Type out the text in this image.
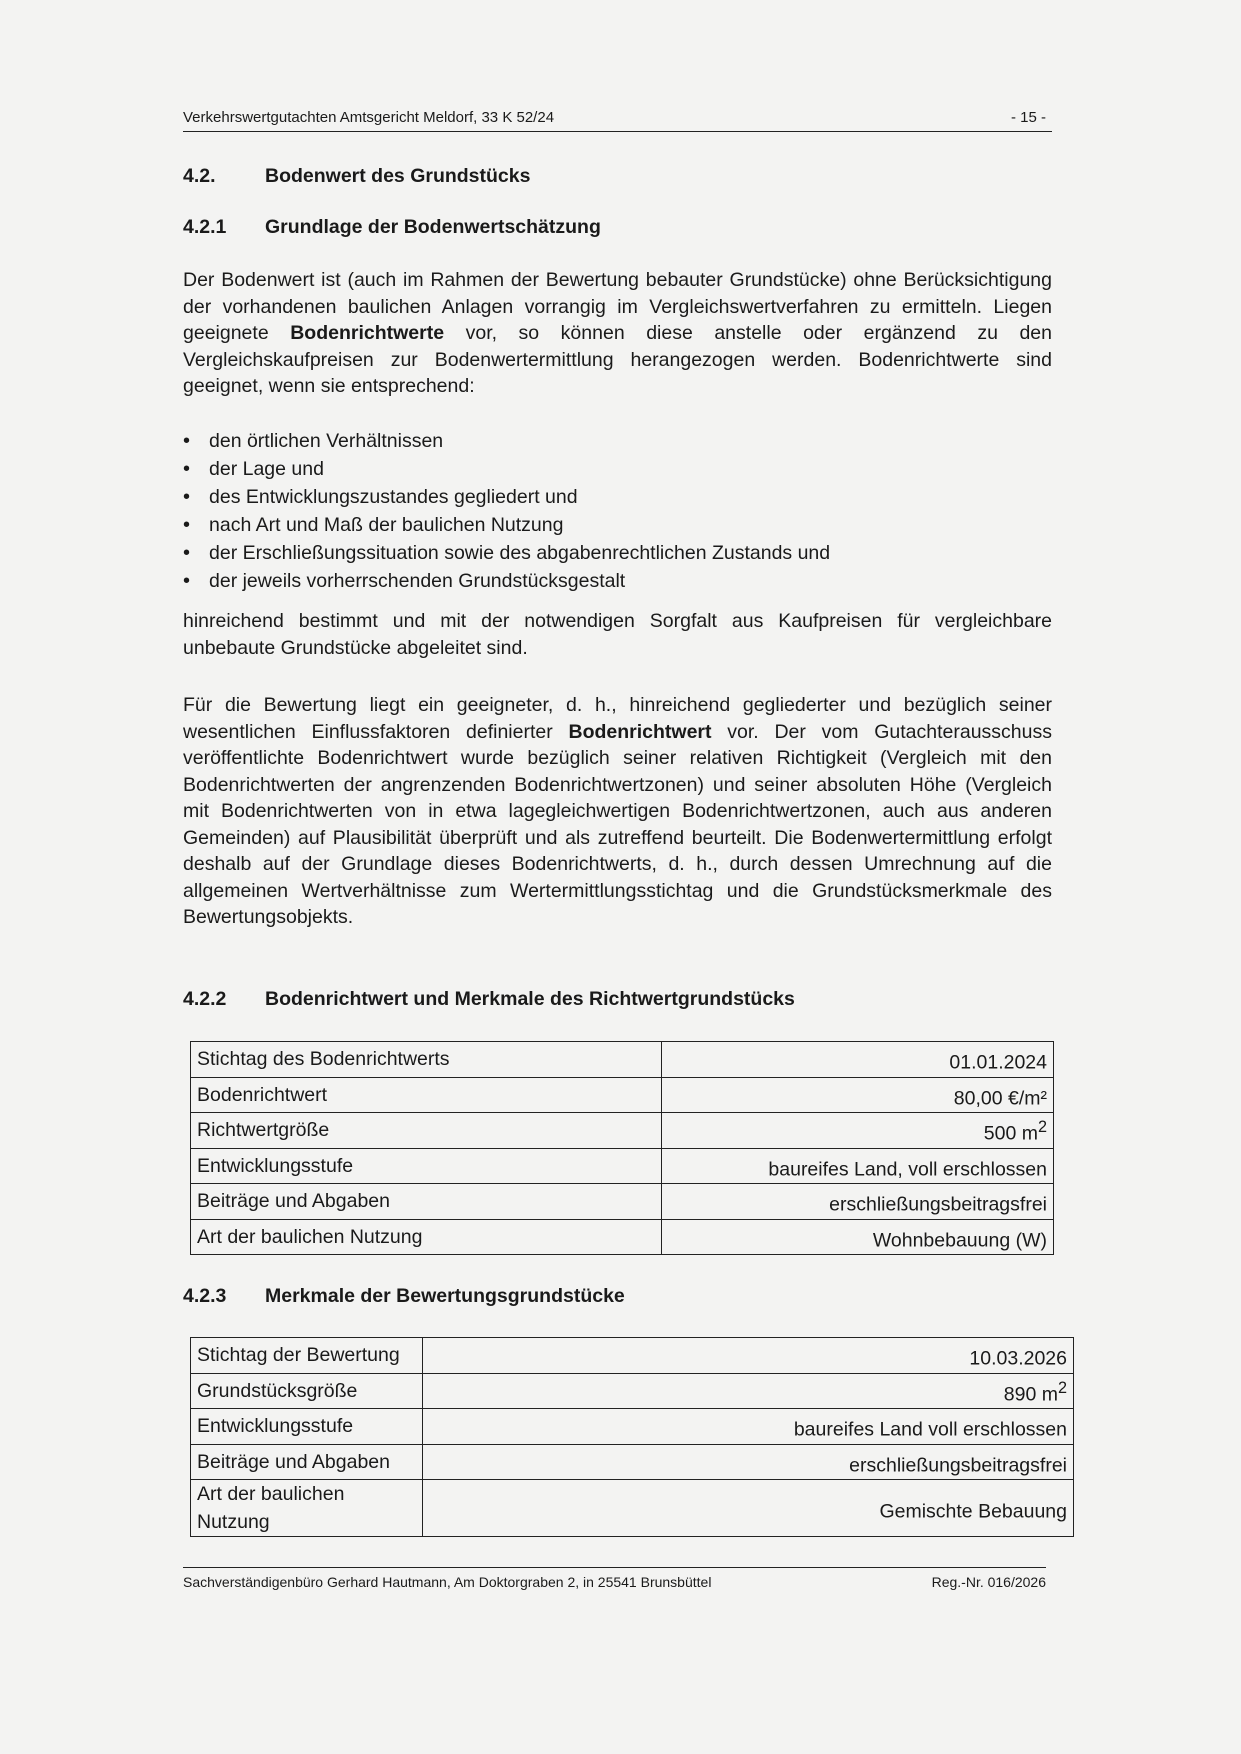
Verkehrswertgutachten Amtsgericht Meldorf, 33 K 52/24	- 15 -
4.2.	Bodenwert des Grundstücks
4.2.1 Grundlage der Bodenwertschätzung
Der Bodenwert ist (auch im Rahmen der Bewertung bebauter Grundstücke) ohne Berücksichtigung der vorhandenen baulichen Anlagen vorrangig im Vergleichswertverfahren zu ermitteln. Liegen geeignete Bodenrichtwerte vor, so können diese anstelle oder ergänzend zu den Vergleichskaufpreisen zur Bodenwertermittlung herangezogen werden. Bodenrichtwerte sind geeignet, wenn sie entsprechend:
• den örtlichen Verhältnissen
• der Lage und
• des Entwicklungszustandes gegliedert und
• nach Art und Maß der baulichen Nutzung
• der Erschließungssituation sowie des abgabenrechtlichen Zustands und
• der jeweils vorherrschenden Grundstücksgestalt
hinreichend bestimmt und mit der notwendigen Sorgfalt aus Kaufpreisen für vergleichbare unbebaute Grundstücke abgeleitet sind.
Für die Bewertung liegt ein geeigneter, d. h., hinreichend gegliederter und bezüglich seiner wesentlichen Einflussfaktoren definierter Bodenrichtwert vor. Der vom Gutachterausschuss veröffentlichte Bodenrichtwert wurde bezüglich seiner relativen Richtigkeit (Vergleich mit den Bodenrichtwerten der angrenzenden Bodenrichtwertzonen) und seiner absoluten Höhe (Vergleich mit Bodenrichtwerten von in etwa lagegleichwertigen Bodenrichtwertzonen, auch aus anderen Gemeinden) auf Plausibilität überprüft und als zutreffend beurteilt. Die Bodenwertermittlung erfolgt deshalb auf der Grundlage dieses Bodenrichtwerts, d. h., durch dessen Umrechnung auf die allgemeinen Wertverhältnisse zum Wertermittlungsstichtag und die Grundstücksmerkmale des Bewertungsobjekts.
4.2.2 Bodenrichtwert und Merkmale des Richtwertgrundstücks
Stichtag des Bodenrichtwerts	01.01.2024
Bodenrichtwert	80,00 €/m²
Richtwertgröße	500 $m^2$
Entwicklungsstufe	baureifes Land, voll erschlossen
Beiträge und Abgaben	erschließungsbeitragsfrei
Art der baulichen Nutzung	Wohnbebauung (W)
4.2.3 Merkmale der Bewertungsgrundstücke
Stichtag der Bewertung	10.03.2026
Grundstücksgröße	890 $m^2$
Entwicklungsstufe	baureifes Land voll erschlossen
Beiträge und Abgaben	erschließungsbeitragsfrei
Art der baulichen Nutzung	Gemischte Bebauung
Sachverständigenbüro Gerhard Hautmann, Am Doktorgraben 2, in 25541 Brunsbüttel	Reg.-Nr. 016/2026
